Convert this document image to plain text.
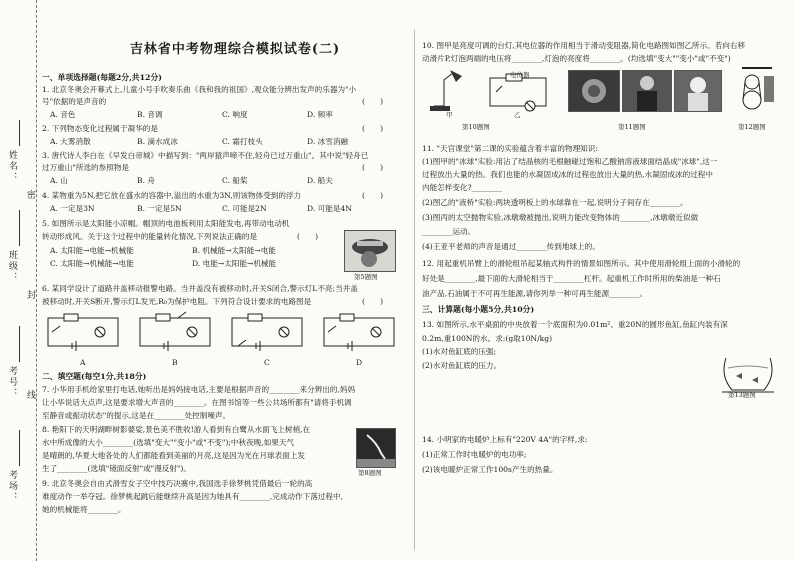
姓名：
班级：
考号：
考场：
密
封
线
吉林省中考物理综合模拟试卷(二)
一、单项选择题(每题2分,共12分)
1. 北京冬奥会开幕式上,儿童小号手吹奏乐曲《我和我的祖国》,观众能分辨出发声的乐器为"小
号"依据的是声音的	(　　)
A. 音色	B. 音调	C. 响度	D. 频率
2. 下列物态变化过程属于凝华的是	(　　)
A. 大雾消散	B. 滴水成冰	C. 霜打枝头	D. 冰雪消融
3. 唐代诗人李白在《早发白帝城》中描写到："两岸猿声啼不住,轻舟已过万重山"。其中说"轻舟已
过万重山"所选的参照物是	(　　)
A. 山	B. 舟	C. 船桨	D. 船夫
4. 某物重为5N,把它放在盛水的容器中,溢出的水重为3N,则该物体受到的浮力	(　　)
A. 一定是3N	B. 一定是5N	C. 可能是2N	D. 可能是4N
5. 如图所示是太阳能小凉帽。帽顶的电池板利用太阳能发电,再带动电动机
转动形成风。关于这个过程中的能量转化情况,下列说法正确的是	(　　)
A. 太阳能→电能→机械能	B. 机械能→太阳能→电能
C. 太阳能→机械能→电能	D. 电能→太阳能→机械能
第5题图
6. 某同学设计了道路井盖移动报警电路。当井盖没有被移动时,开关S闭合,警示灯L不亮;当井盖
被移动时,开关S断开,警示灯L发光,R₀为保护电阻。下列符合设计要求的电路图是	(　　)
A	B	C	D
二、填空题(每空1分,共18分)
7. 小华用手机给家里打电话,她听出是妈妈接电话,主要是根据声音的________来分辨出的,妈妈
让小华说话大点声,这是要求增大声音的________。在图书馆等一些公共场所都有"请将手机调
至静音或振动状态"的提示,这是在________处控制噪声。
8. 艳阳下的天明湖畔树影婆娑,景色美不胜收!游人看到有白鹭从水面飞上树梢,在
水中所成像的大小________(选填"变大""变小"或"不变");中秋夜晚,如果天气
是晴朗的,华夏大地各处的人们都能看到美丽的月亮,这是因为光在月球表面上发
生了________(选填"镜面反射"或"漫反射")。	第8题图
9. 北京冬奥会自由式滑雪女子空中技巧决赛中,我国选手徐梦桃凭借最后一轮的高
难度动作一举夺冠。徐梦桃起跳后能继续升高是因为她具有________,完成动作下落过程中,
她的机械能将________。
10. 图甲是亮度可调的台灯,其电位器的作用相当于滑动变阻器,简化电路图如图乙所示。若向右移
动滑片P,灯泡两端的电压将________,灯泡的亮度将________。(均选填"变大""变小"或"不变")
电位器
甲	乙
第10题图	第11题图	第12题图
11. "天宫课堂"第二课的实验蕴含着丰富的物理知识:
(1)图甲的"冰球"实验:用沾了结晶核的毛根触碰过饱和乙酸钠溶液球面结晶成"冰球",这一
过程放出大量的热。我们也能的水凝固成冰的过程也放出大量的热,水凝固成冰的过程中
内能怎样变化?________
(2)图乙的"液桥"实验:两块透明板上的水球靠在一起,说明分子间存在________。
(3)图丙的太空抛物实验,冰墩墩被抛出,说明力能改变物体的________,冰墩墩近似做
________运动。
(4)王亚平老师的声音是通过________传到地球上的。
12. 用起重机吊臂上的滑轮组吊起某轴式构件的情景如图所示。其中使用滑轮组上面的小滑轮的
好处是________,最下面的大滑轮相当于________杠杆。起重机工作时所用的柴油是一种石
油产品,石油属于不可再生能源,请你列举一种可再生能源________。
三、计算题(每小题5分,共10分)
13. 如图所示,水平桌面的中央放着一个底面积为0.01m²、重20N的圆形鱼缸,鱼缸内装有深
0.2m,重100N的水。求:(g取10N/kg)
(1)水对鱼缸底的压强;
(2)水对鱼缸底的压力。
第13题图
14. 小明家的电暖炉上标有"220V 4A"的字样,求:
(1)正常工作时电暖炉的电功率;
(2)该电暖炉正常工作100s产生的热量。
